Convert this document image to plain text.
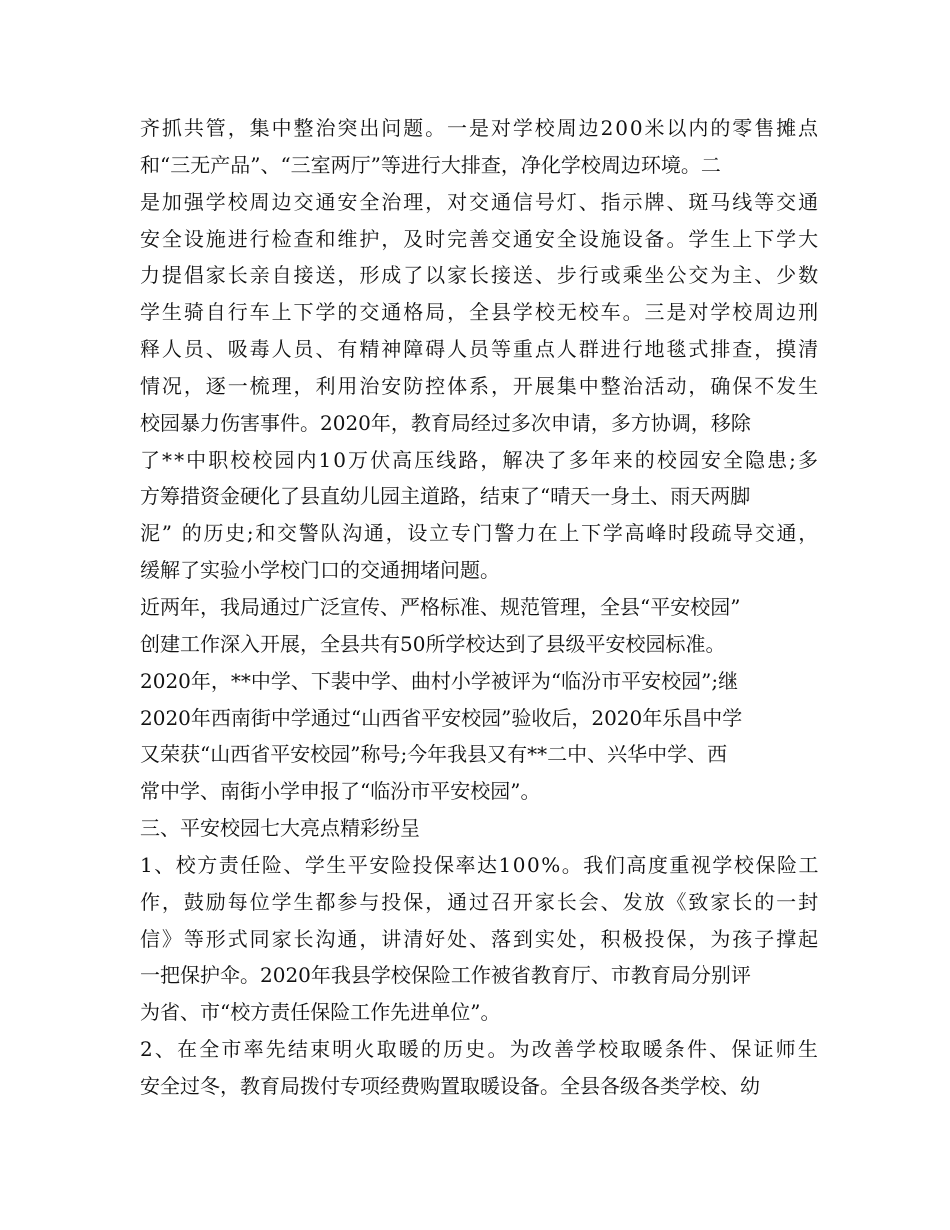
齐抓共管，集中整治突出问题。一是对学校周边200米以内的零售摊点
和“三无产品”、“三室两厅”等进行大排查，净化学校周边环境。二
是加强学校周边交通安全治理，对交通信号灯、指示牌、斑马线等交通
安全设施进行检查和维护，及时完善交通安全设施设备。学生上下学大
力提倡家长亲自接送，形成了以家长接送、步行或乘坐公交为主、少数
学生骑自行车上下学的交通格局，全县学校无校车。三是对学校周边刑
释人员、吸毒人员、有精神障碍人员等重点人群进行地毯式排查，摸清
情况，逐一梳理，利用治安防控体系，开展集中整治活动，确保不发生
校园暴力伤害事件。2020年，教育局经过多次申请，多方协调，移除
了**中职校校园内10万伏高压线路，解决了多年来的校园安全隐患;多
方筹措资金硬化了县直幼儿园主道路，结束了“晴天一身土、雨天两脚
泥” 的历史;和交警队沟通，设立专门警力在上下学高峰时段疏导交通，
缓解了实验小学校门口的交通拥堵问题。
近两年，我局通过广泛宣传、严格标准、规范管理，全县“平安校园”
创建工作深入开展，全县共有50所学校达到了县级平安校园标准。
2020年，**中学、下裴中学、曲村小学被评为“临汾市平安校园”;继
2020年西南街中学通过“山西省平安校园”验收后，2020年乐昌中学
又荣获“山西省平安校园”称号;今年我县又有**二中、兴华中学、西
常中学、南街小学申报了“临汾市平安校园”。
三、平安校园七大亮点精彩纷呈
1、校方责任险、学生平安险投保率达100%。我们高度重视学校保险工
作，鼓励每位学生都参与投保，通过召开家长会、发放《致家长的一封
信》等形式同家长沟通，讲清好处、落到实处，积极投保，为孩子撑起
一把保护伞。2020年我县学校保险工作被省教育厅、市教育局分别评
为省、市“校方责任保险工作先进单位”。
2、在全市率先结束明火取暖的历史。为改善学校取暖条件、保证师生
安全过冬，教育局拨付专项经费购置取暖设备。全县各级各类学校、幼
